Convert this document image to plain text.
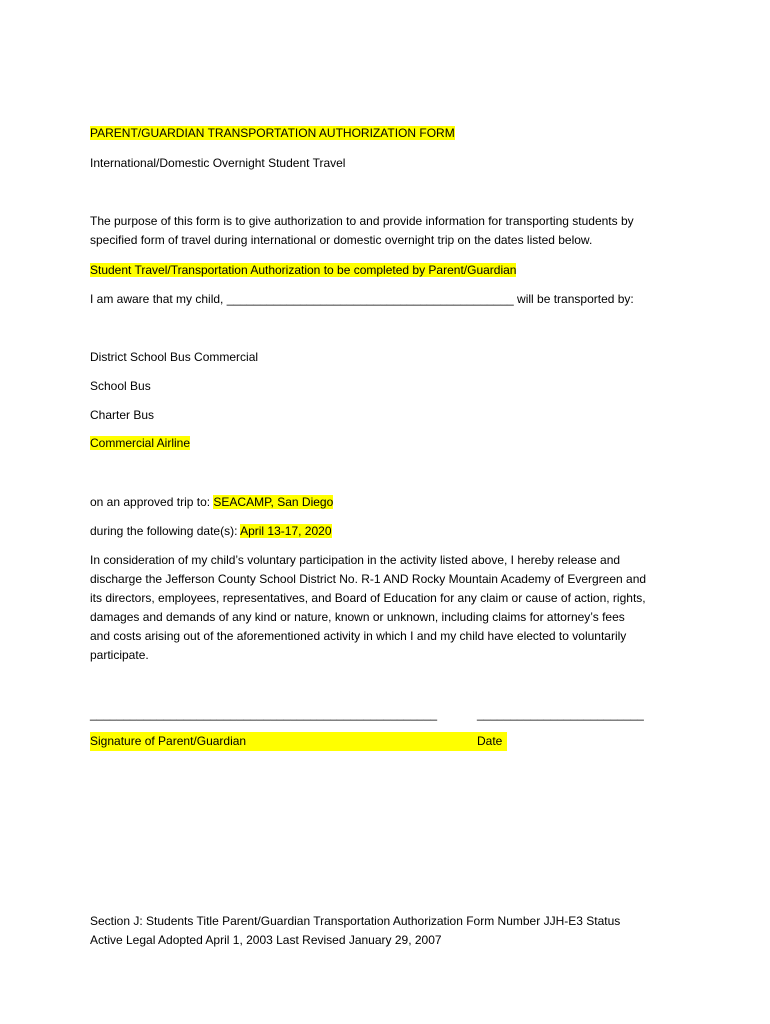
PARENT/GUARDIAN TRANSPORTATION AUTHORIZATION FORM
International/Domestic Overnight Student Travel
The purpose of this form is to give authorization to and provide information for transporting students by
specified form of travel during international or domestic overnight trip on the dates listed below.
Student Travel/Transportation Authorization to be completed by Parent/Guardian
I am aware that my child, ___________________________________________ will be transported by:
District School Bus Commercial
School Bus
Charter Bus
Commercial Airline
on an approved trip to: SEACAMP, San Diego
during the following date(s): April 13-17, 2020
In consideration of my child’s voluntary participation in the activity listed above, I hereby release and
discharge the Jefferson County School District No. R-1 AND Rocky Mountain Academy of Evergreen and
its directors, employees, representatives, and Board of Education for any claim or cause of action, rights,
damages and demands of any kind or nature, known or unknown, including claims for attorney’s fees
and costs arising out of the aforementioned activity in which I and my child have elected to voluntarily
participate.
____________________________________________________	_________________________
Signature of Parent/Guardian	Date
Section J: Students Title Parent/Guardian Transportation Authorization Form Number JJH-E3 Status
Active Legal Adopted April 1, 2003 Last Revised January 29, 2007
